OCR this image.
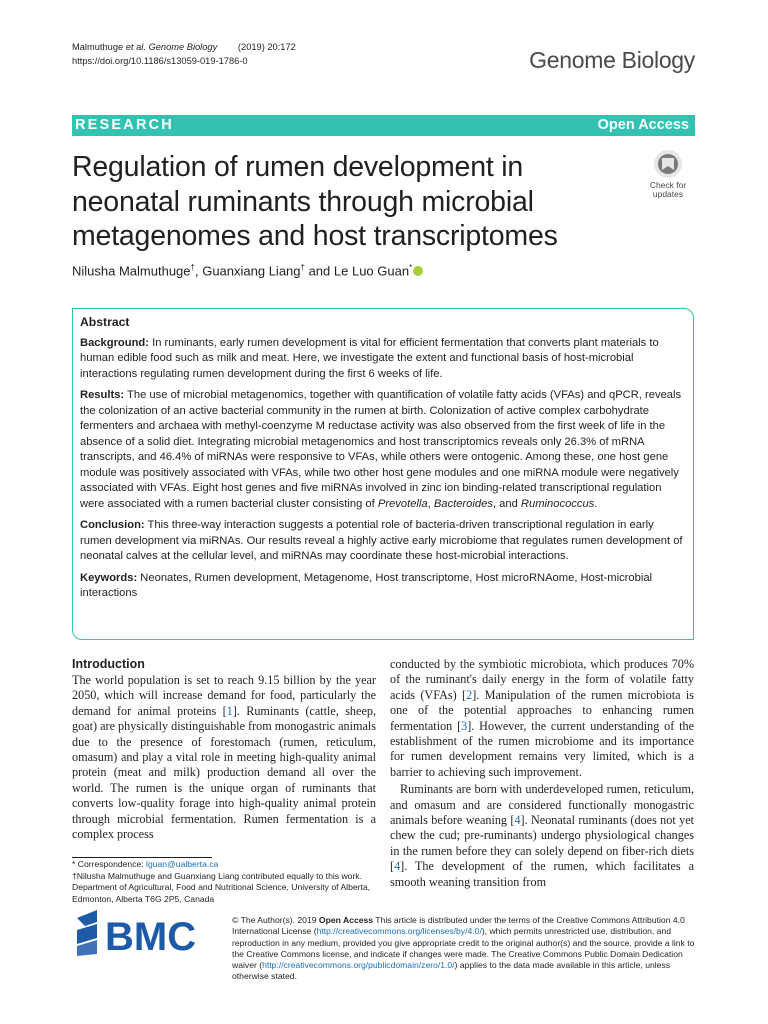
Malmuthuge et al. Genome Biology (2019) 20:172
https://doi.org/10.1186/s13059-019-1786-0	Genome Biology
RESEARCH	Open Access
Regulation of rumen development in neonatal ruminants through microbial metagenomes and host transcriptomes
Check for
updates
Nilusha Malmuthuge†, Guanxiang Liang† and Le Luo Guan*
Abstract

Background: In ruminants, early rumen development is vital for efficient fermentation that converts plant materials to human edible food such as milk and meat. Here, we investigate the extent and functional basis of host-microbial interactions regulating rumen development during the first 6 weeks of life.

Results: The use of microbial metagenomics, together with quantification of volatile fatty acids (VFAs) and qPCR, reveals the colonization of an active bacterial community in the rumen at birth. Colonization of active complex carbohydrate fermenters and archaea with methyl-coenzyme M reductase activity was also observed from the first week of life in the absence of a solid diet. Integrating microbial metagenomics and host transcriptomics reveals only 26.3% of mRNA transcripts, and 46.4% of miRNAs were responsive to VFAs, while others were ontogenic. Among these, one host gene module was positively associated with VFAs, while two other host gene modules and one miRNA module were negatively associated with VFAs. Eight host genes and five miRNAs involved in zinc ion binding-related transcriptional regulation were associated with a rumen bacterial cluster consisting of Prevotella, Bacteroides, and Ruminococcus.

Conclusion: This three-way interaction suggests a potential role of bacteria-driven transcriptional regulation in early rumen development via miRNAs. Our results reveal a highly active early microbiome that regulates rumen development of neonatal calves at the cellular level, and miRNAs may coordinate these host-microbial interactions.

Keywords: Neonates, Rumen development, Metagenome, Host transcriptome, Host microRNAome, Host-microbial interactions

Introduction

The world population is set to reach 9.15 billion by the year 2050, which will increase demand for food, particularly the demand for animal proteins [1]. Ruminants (cattle, sheep, goat) are physically distinguishable from monogastric animals due to the presence of forestomach (rumen, reticulum, omasum) and play a vital role in meeting high-quality animal protein (meat and milk) production demand all over the world. The rumen is the unique organ of ruminants that converts low-quality forage into high-quality animal protein through microbial fermentation. Rumen fermentation is a complex process

conducted by the symbiotic microbiota, which produces 70% of the ruminant's daily energy in the form of volatile fatty acids (VFAs) [2]. Manipulation of the rumen microbiota is one of the potential approaches to enhancing rumen fermentation [3]. However, the current understanding of the establishment of the rumen microbiome and its importance for rumen development remains very limited, which is a barrier to achieving such improvement.

Ruminants are born with underdeveloped rumen, reticulum, and omasum and are considered functionally monogastric animals before weaning [4]. Neonatal ruminants (does not yet chew the cud; pre-ruminants) undergo physiological changes in the rumen before they can solely depend on fiber-rich diets [4]. The development of the rumen, which facilitates a smooth weaning transition from

* Correspondence: lguan@ualberta.ca
†Nilusha Malmuthuge and Guanxiang Liang contributed equally to this work.
Department of Agricultural, Food and Nutritional Science, University of Alberta, Edmonton, Alberta T6G 2P5, Canada
BMC	© The Author(s). 2019 Open Access This article is distributed under the terms of the Creative Commons Attribution 4.0 International License (http://creativecommons.org/licenses/by/4.0/), which permits unrestricted use, distribution, and reproduction in any medium, provided you give appropriate credit to the original author(s) and the source, provide a link to the Creative Commons license, and indicate if changes were made. The Creative Commons Public Domain Dedication waiver (http://creativecommons.org/publicdomain/zero/1.0/) applies to the data made available in this article, unless otherwise stated.
